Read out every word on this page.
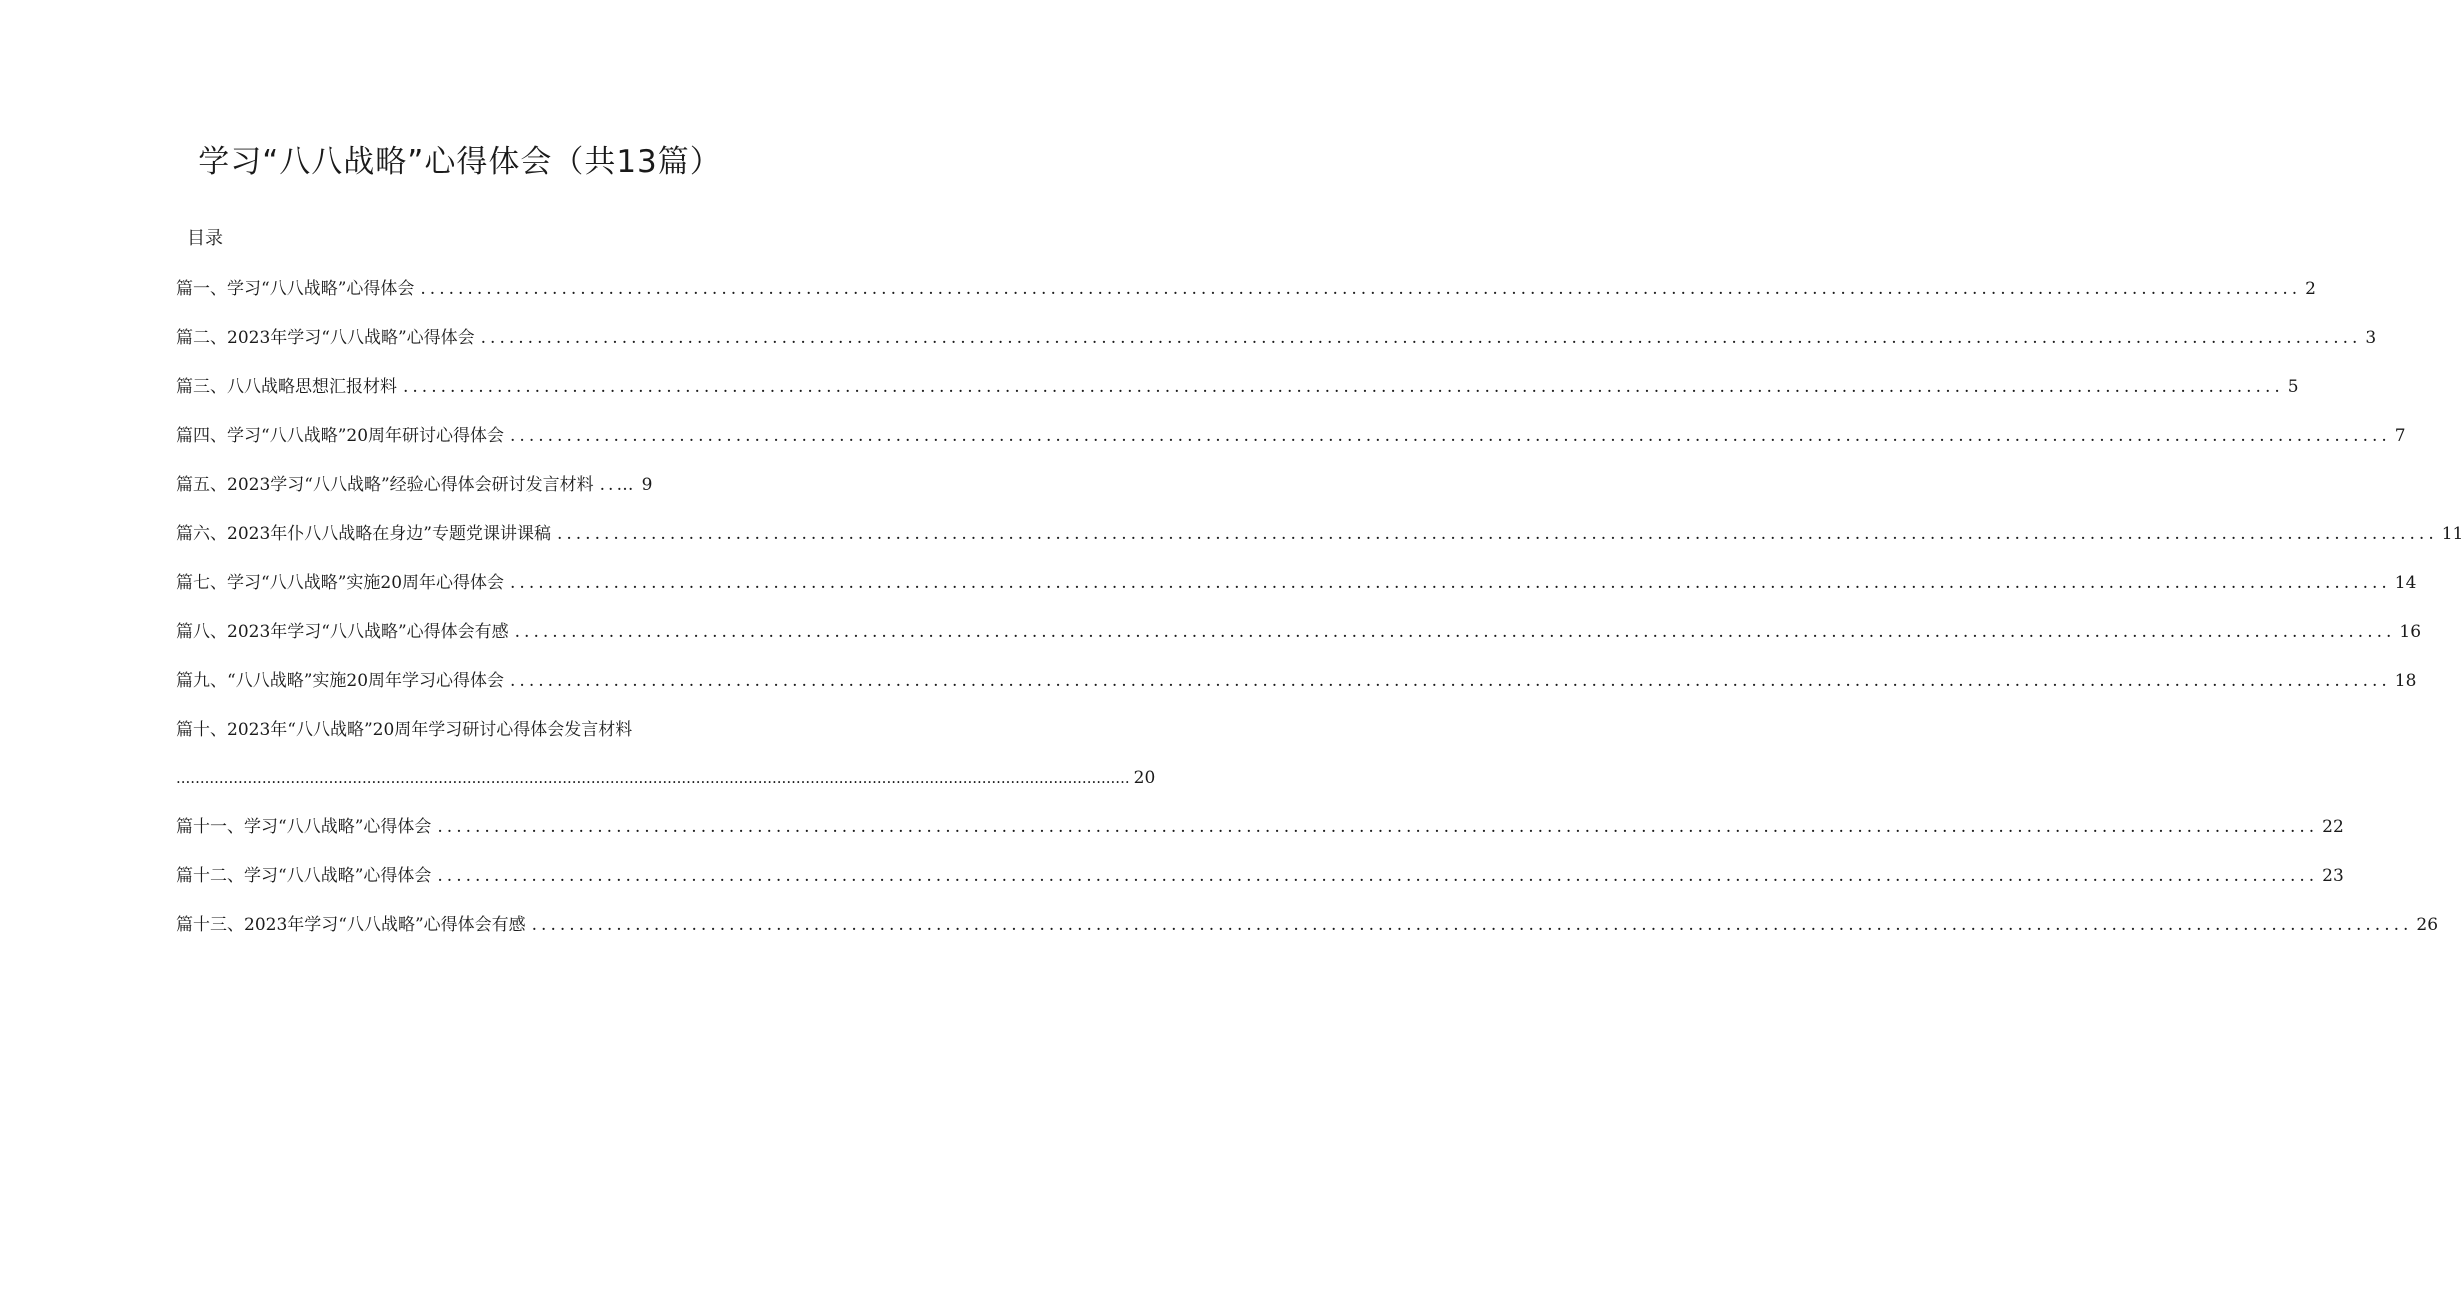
学习“八八战略”心得体会（共13篇）
目录
篇一、学习“八八战略”心得体会 ........................................................................................................................................................................................................ 2
篇二、2023年学习“八八战略”心得体会 ........................................................................................................................................................................................................ 3
篇三、八八战略思想汇报材料 ........................................................................................................................................................................................................ 5
篇四、学习“八八战略”20周年研讨心得体会 ........................................................................................................................................................................................................ 7
篇五、2023学习“八八战略”经验心得体会研讨发言材料 ..… 9
篇六、2023年仆八八战略在身边”专题党课讲课稿 ........................................................................................................................................................................................................ 11
篇七、学习“八八战略”实施20周年心得体会 ........................................................................................................................................................................................................ 14
篇八、2023年学习“八八战略”心得体会有感 ........................................................................................................................................................................................................ 16
篇九、“八八战略”实施20周年学习心得体会 ........................................................................................................................................................................................................ 18
篇十、2023年“八八战略”20周年学习研讨心得体会发言材料
........................................................................................................................................................................................................ 20
篇十一、学习“八八战略”心得体会 ........................................................................................................................................................................................................ 22
篇十二、学习“八八战略”心得体会 ........................................................................................................................................................................................................ 23
篇十三、2023年学习“八八战略”心得体会有感 ........................................................................................................................................................................................................ 26
